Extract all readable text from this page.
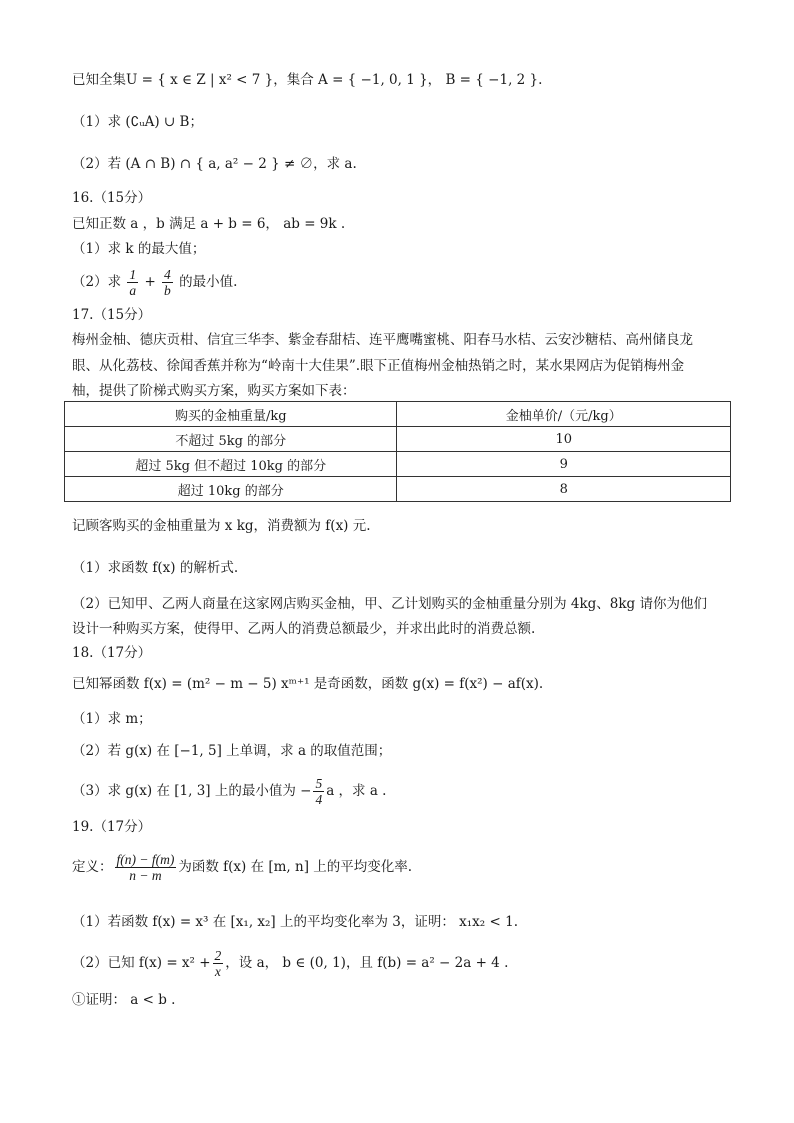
已知全集U = { x ∈ Z | x² < 7 }，集合 A = { −1, 0, 1 }， B = { −1, 2 }.
（1）求 (∁ᵤA) ∪ B；
（2）若 (A ∩ B) ∩ { a, a² − 2 } ≠ ∅，求 a.
16.（15分）
已知正数 a ，b 满足 a + b = 6， ab = 9k .
（1）求 k 的最大值；
（2）求 $\frac{1}{a} + \frac{4}{b}$ 的最小值.
17.（15分）
梅州金柚、德庆贡柑、信宜三华李、紫金春甜桔、连平鹰嘴蜜桃、阳春马水桔、云安沙糖桔、高州储良龙
眼、从化荔枝、徐闻香蕉并称为“岭南十大佳果”.眼下正值梅州金柚热销之时，某水果网店为促销梅州金
柚，提供了阶梯式购买方案，购买方案如下表：
购买的金柚重量/kg	金柚单价/（元/kg）
不超过 5kg 的部分	10
超过 5kg 但不超过 10kg 的部分	9
超过 10kg 的部分	8
记顾客购买的金柚重量为 x kg，消费额为 f(x) 元.
（1）求函数 f(x) 的解析式.
（2）已知甲、乙两人商量在这家网店购买金柚，甲、乙计划购买的金柚重量分别为 4kg、8kg 请你为他们
设计一种购买方案，使得甲、乙两人的消费总额最少，并求出此时的消费总额.
18.（17分）
已知幂函数 f(x) = (m² − m − 5) xᵐ⁺¹ 是奇函数，函数 g(x) = f(x²) − af(x).
（1）求 m；
（2）若 g(x) 在 [−1, 5] 上单调，求 a 的取值范围；
（3）求 g(x) 在 [1, 3] 上的最小值为 − $\frac{5}{4}$ a ，求 a .
19.（17分）
定义： $\frac{f(n) - f(m)}{n - m}$ 为函数 f(x) 在 [m, n] 上的平均变化率.
（1）若函数 f(x) = x³ 在 [x₁, x₂] 上的平均变化率为 3，证明： x₁x₂ < 1.
（2）已知 $f(x) = x^2 + \frac{2}{x}$ ，设 a， b ∈ (0, 1)，且 f(b) = a² − 2a + 4 .
①证明： a < b .
